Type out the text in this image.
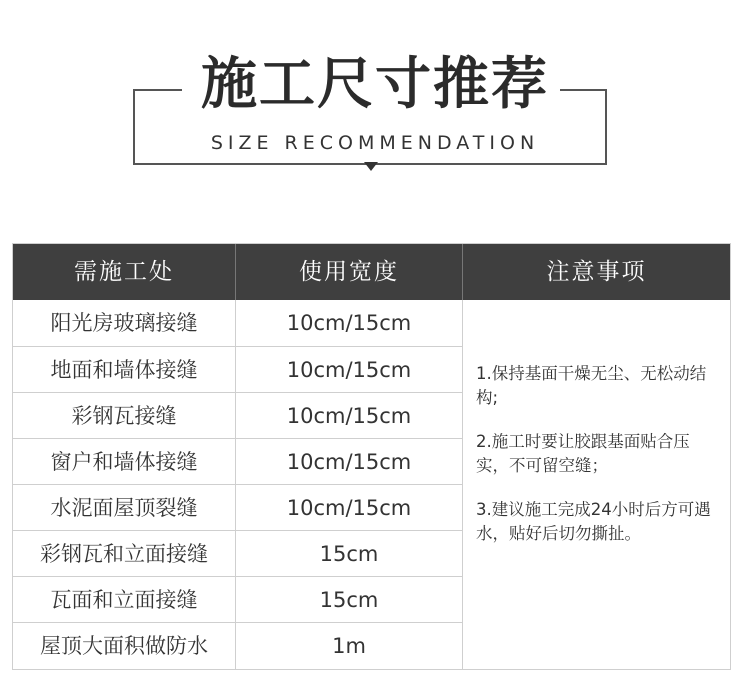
施工尺寸推荐
SIZE RECOMMENDATION
需施工处	使用宽度	注意事项
阳光房玻璃接缝	10cm/15cm
地面和墙体接缝	10cm/15cm
彩钢瓦接缝	10cm/15cm
窗户和墙体接缝	10cm/15cm
水泥面屋顶裂缝	10cm/15cm
彩钢瓦和立面接缝	15cm
瓦面和立面接缝	15cm
屋顶大面积做防水	1m

1.保持基面干燥无尘、无松动结构;

2.施工时要让胶跟基面贴合压实，不可留空缝；

3.建议施工完成24小时后方可遇水，贴好后切勿撕扯。
